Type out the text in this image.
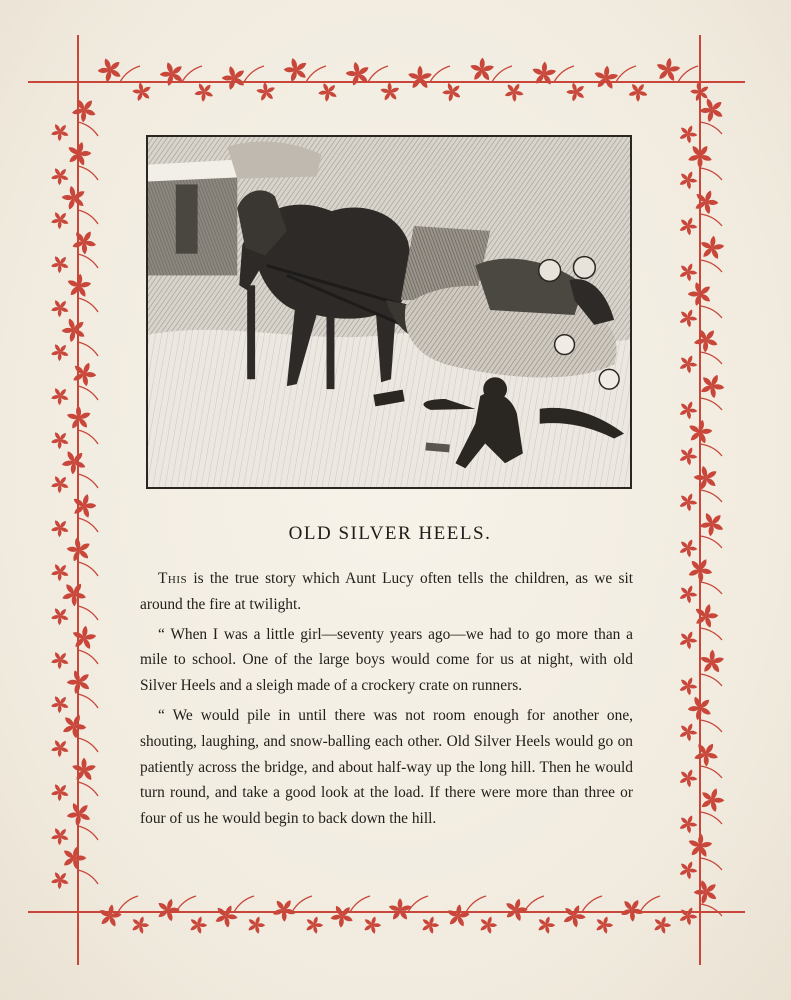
OLD SILVER HEELS.

This is the true story which Aunt Lucy often tells the children, as we sit around the fire at twilight.

“ When I was a little girl—seventy years ago—we had to go more than a mile to school. One of the large boys would come for us at night, with old Silver Heels and a sleigh made of a crockery crate on runners.

“ We would pile in until there was not room enough for another one, shouting, laughing, and snow-balling each other. Old Silver Heels would go on patiently across the bridge, and about half-way up the long hill. Then he would turn round, and take a good look at the load. If there were more than three or four of us he would begin to back down the hill.
